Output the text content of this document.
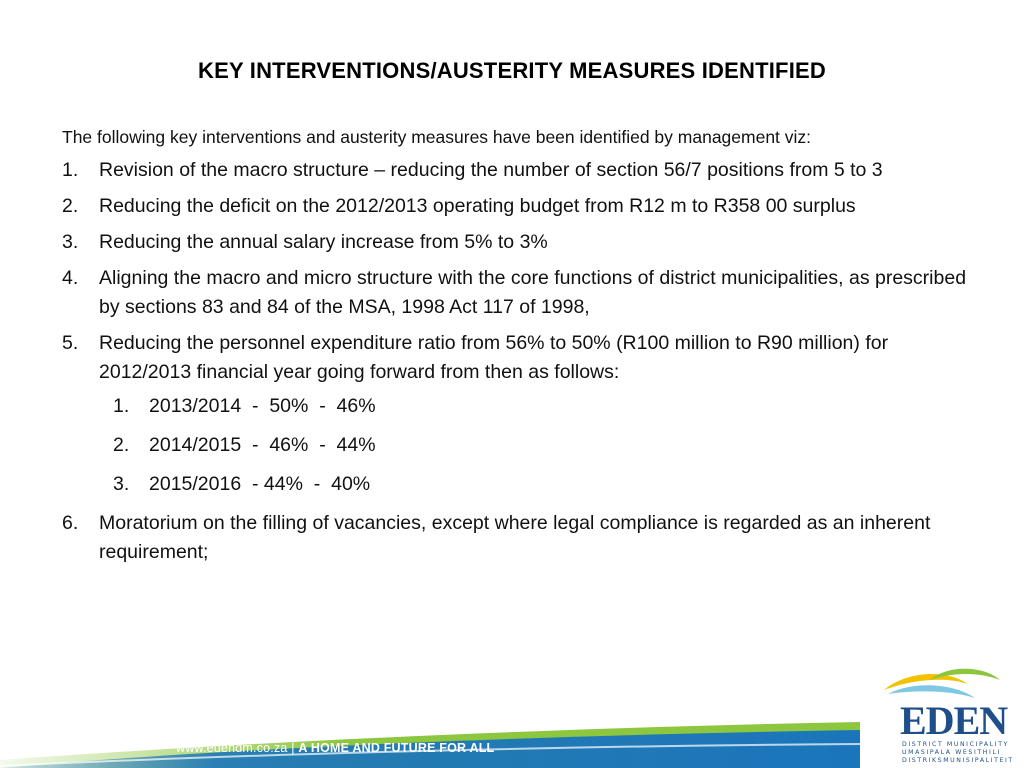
KEY INTERVENTIONS/AUSTERITY MEASURES IDENTIFIED
The following key interventions and austerity measures have been identified by management viz:
1. Revision of the macro structure – reducing the number of section 56/7 positions from 5 to 3
2. Reducing the deficit on the 2012/2013 operating budget from R12 m to R358 00 surplus
3. Reducing the annual salary increase from 5% to 3%
4. Aligning the macro and micro structure with the core functions of district municipalities, as prescribed by sections 83 and 84 of the MSA, 1998 Act 117 of 1998,
5. Reducing the personnel expenditure ratio from 56% to 50% (R100 million to R90 million) for 2012/2013 financial year going forward from then as follows:
1. 2013/2014  -  50%  -  46%
2. 2014/2015  -  46%  -  44%
3. 2015/2016  - 44%  -  40%
6. Moratorium on the filling of vacancies, except where legal compliance is regarded as an inherent requirement;
www.edendm.co.za | A HOME AND FUTURE FOR ALL
EDEN
DISTRICT MUNICIPALITY
UMASIPALA WESITHILI
DISTRIKSMUNISIPALITEIT
